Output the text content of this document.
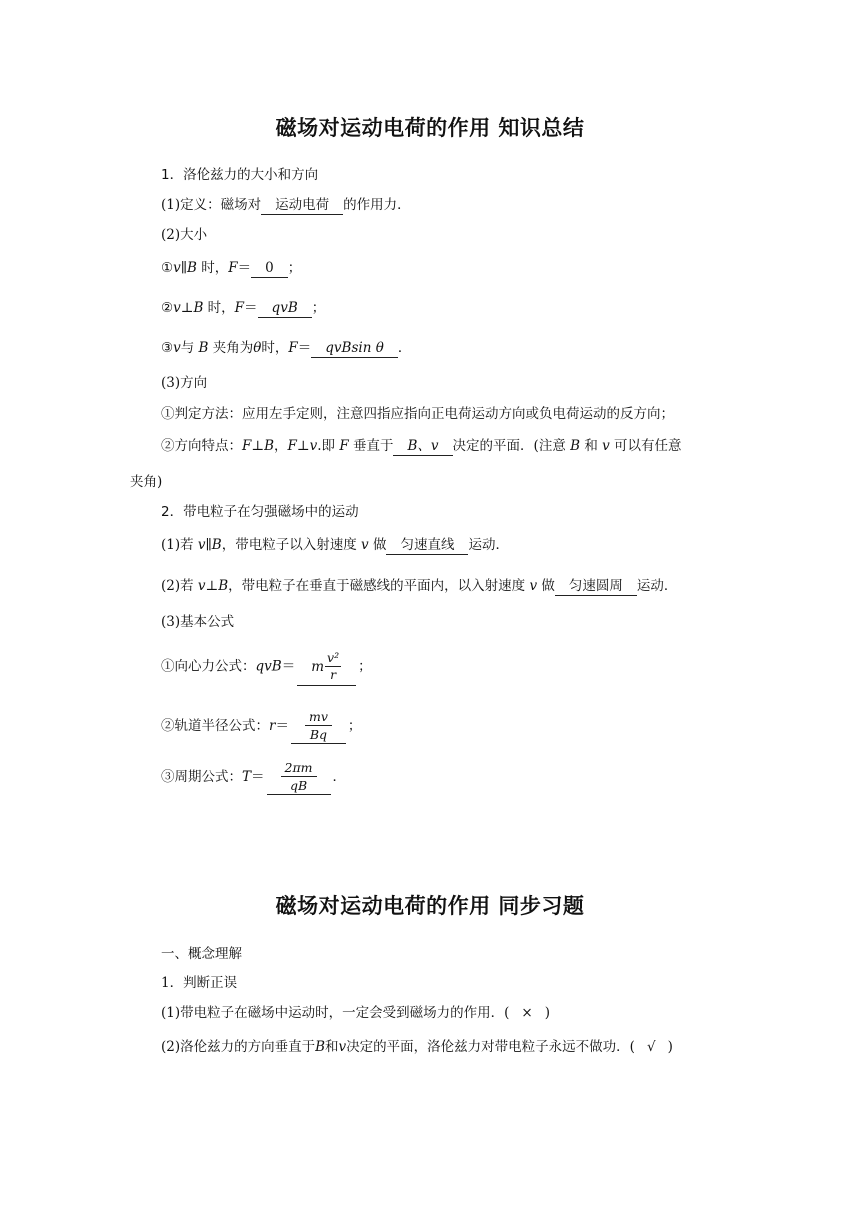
磁场对运动电荷的作用 知识总结
1．洛伦兹力的大小和方向
(1)定义：磁场对 运动电荷 的作用力．
(2)大小
①v∥B 时，F＝ 0 ；
②v⊥B 时，F＝ qvB ；
③v与 B 夹角为θ时，F＝ qvBsin θ ．
(3)方向
①判定方法：应用左手定则，注意四指应指向正电荷运动方向或负电荷运动的反方向；
②方向特点：F⊥B，F⊥v.即 F 垂直于 B、v 决定的平面．(注意 B 和 v 可以有任意
夹角)
2．带电粒子在匀强磁场中的运动
(1)若 v∥B，带电粒子以入射速度 v 做 匀速直线 运动．
(2)若 v⊥B，带电粒子在垂直于磁感线的平面内，以入射速度 v 做 匀速圆周 运动．
(3)基本公式
①向心力公式：qvB＝ m $\frac{\text{v²}}{r}$ ；
②轨道半径公式：$r= \frac{mv}{Bq}$ ；
③周期公式：$T= \frac{2\pi m}{qB}$ ．
磁场对运动电荷的作用 同步习题
一、概念理解
1．判断正误
(1)带电粒子在磁场中运动时，一定会受到磁场力的作用．( × )
(2)洛伦兹力的方向垂直于B和v决定的平面，洛伦兹力对带电粒子永远不做功．( √ )
